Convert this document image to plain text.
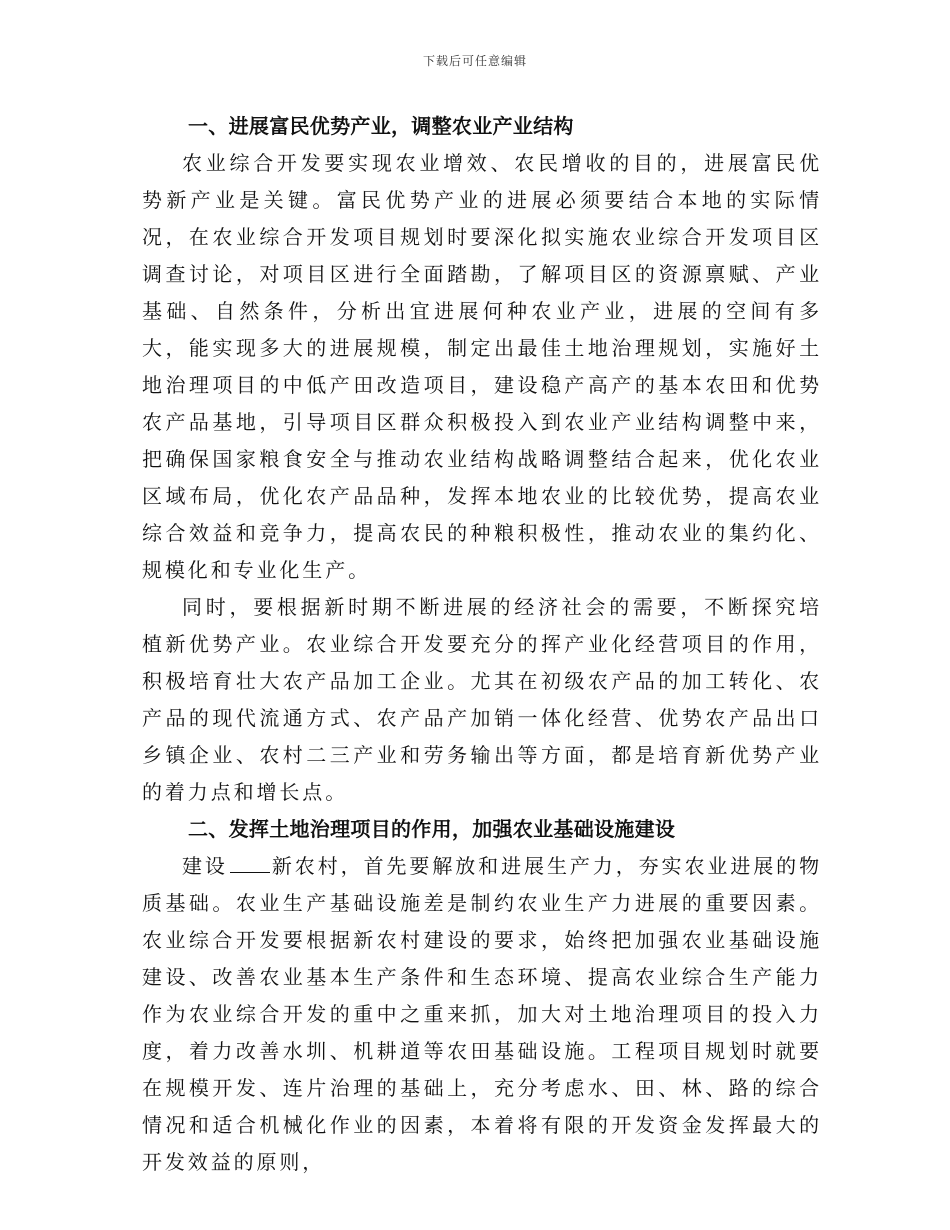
下载后可任意编辑
一、进展富民优势产业，调整农业产业结构

农业综合开发要实现农业增效、农民增收的目的，进展富民优势新产业是关键。富民优势产业的进展必须要结合本地的实际情况，在农业综合开发项目规划时要深化拟实施农业综合开发项目区调查讨论，对项目区进行全面踏勘，了解项目区的资源禀赋、产业基础、自然条件，分析出宜进展何种农业产业，进展的空间有多大，能实现多大的进展规模，制定出最佳土地治理规划，实施好土地治理项目的中低产田改造项目，建设稳产高产的基本农田和优势农产品基地，引导项目区群众积极投入到农业产业结构调整中来，把确保国家粮食安全与推动农业结构战略调整结合起来，优化农业区域布局，优化农产品品种，发挥本地农业的比较优势，提高农业综合效益和竞争力，提高农民的种粮积极性，推动农业的集约化、规模化和专业化生产。

同时，要根据新时期不断进展的经济社会的需要，不断探究培植新优势产业。农业综合开发要充分的挥产业化经营项目的作用，积极培育壮大农产品加工企业。尤其在初级农产品的加工转化、农产品的现代流通方式、农产品产加销一体化经营、优势农产品出口乡镇企业、农村二三产业和劳务输出等方面，都是培育新优势产业的着力点和增长点。

二、发挥土地治理项目的作用，加强农业基础设施建设

建设 新农村，首先要解放和进展生产力，夯实农业进展的物质基础。农业生产基础设施差是制约农业生产力进展的重要因素。农业综合开发要根据新农村建设的要求，始终把加强农业基础设施建设、改善农业基本生产条件和生态环境、提高农业综合生产能力作为农业综合开发的重中之重来抓，加大对土地治理项目的投入力度，着力改善水圳、机耕道等农田基础设施。工程项目规划时就要在规模开发、连片治理的基础上，充分考虑水、田、林、路的综合情况和适合机械化作业的因素，本着将有限的开发资金发挥最大的开发效益的原则，
